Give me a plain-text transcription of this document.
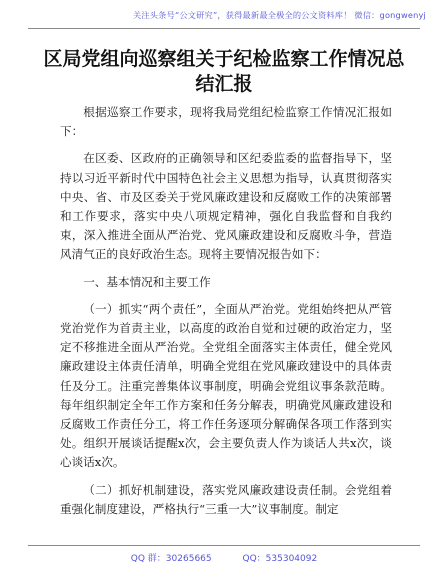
关注头条号“公文研究”，获得最新最全极全的公文资料库！ 微信：gongwenyj
区局党组向巡察组关于纪检监察工作情况总结汇报

根据巡察工作要求，现将我局党组纪检监察工作情况汇报如下：

在区委、区政府的正确领导和区纪委监委的监督指导下，坚持以习近平新时代中国特色社会主义思想为指导，认真贯彻落实中央、省、市及区委关于党风廉政建设和反腐败工作的决策部署和工作要求，落实中央八项规定精神，强化自我监督和自我约束，深入推进全面从严治党、党风廉政建设和反腐败斗争，营造风清气正的良好政治生态。现将主要情况报告如下：

一、基本情况和主要工作

（一）抓实“两个责任”，全面从严治党。党组始终把从严管党治党作为首责主业，以高度的政治自觉和过硬的政治定力，坚定不移推进全面从严治党。全党组全面落实主体责任，健全党风廉政建设主体责任清单，明确全党组在党风廉政建设中的具体责任及分工。注重完善集体议事制度，明确会党组议事条款范畴。每年组织制定全年工作方案和任务分解表，明确党风廉政建设和反腐败工作责任分工，将工作任务逐项分解确保各项工作落到实处。组织开展谈话提醒x次，会主要负责人作为谈话人共x次，谈心谈话x次。

（二）抓好机制建设，落实党风廉政建设责任制。会党组着重强化制度建设，严格执行“三重一大”议事制度。制定

QQ 群：30265665	QQ：535304092
